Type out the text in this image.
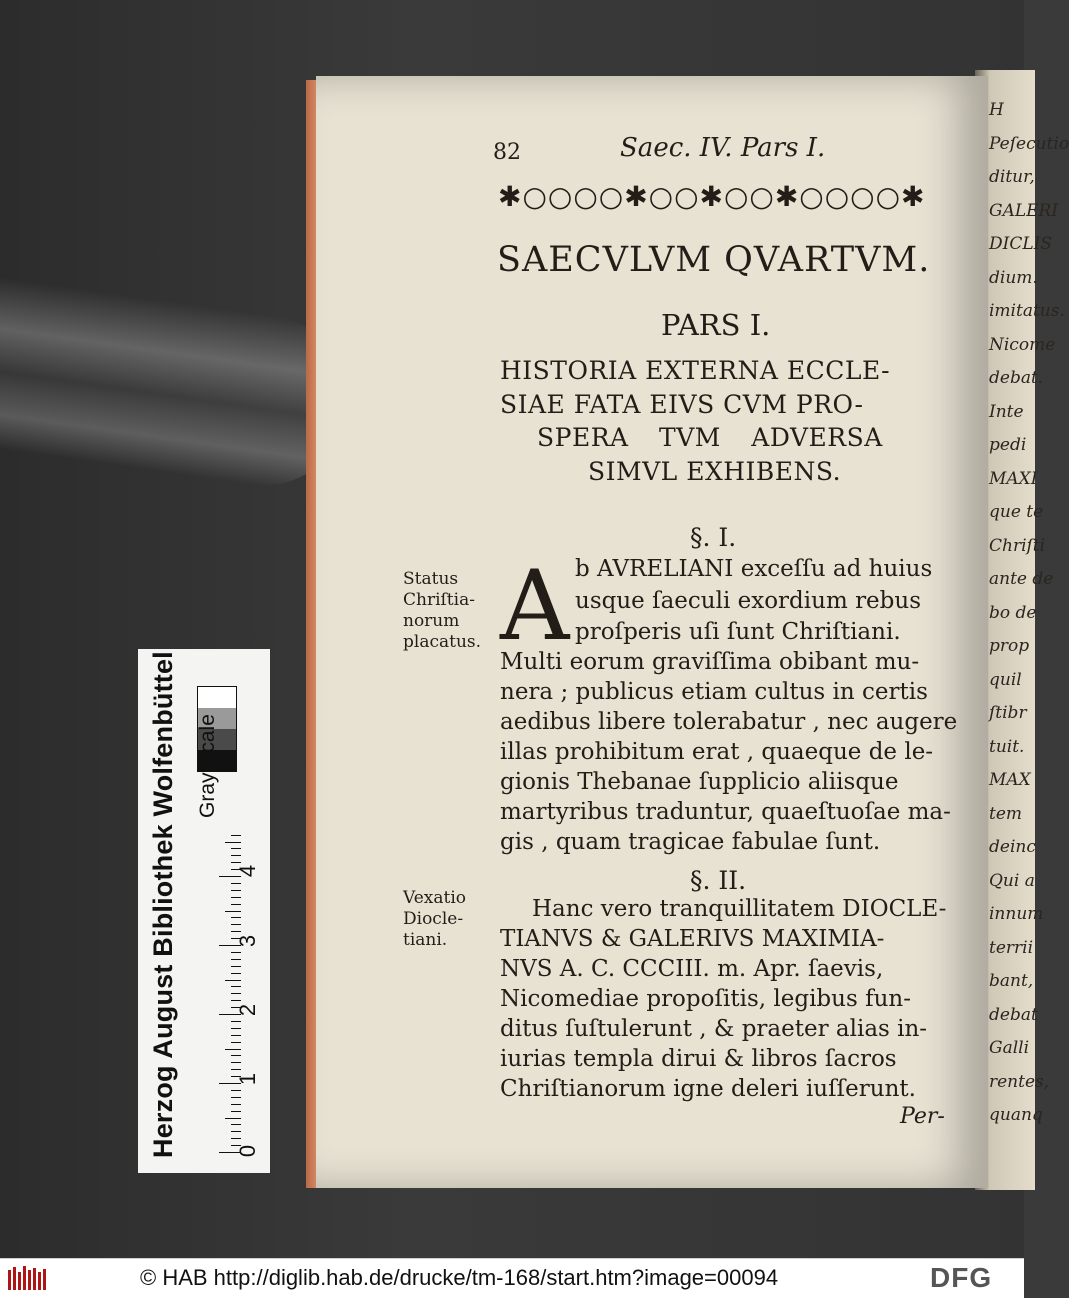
H
Peſecutio
ditur,
GALERI
DICLIS
dium.
imitatus.
Nicome
debat.
Inte
pedi
MAXI
que te
Chriſti
ante de
bo de
prop
quil
ſtibr
tuit.
MAX
tem
deinc
Qui a
innum
terrii
bant,
debat
Galli
rentes,
quanq
82	Saec. IV. Pars I.
✱○○○○✱○○✱○○✱○○○○✱
SAECVLVM QVARTVM.
PARS I.
HISTORIA EXTERNA ECCLE-
SIAE FATA EIVS CVM PRO-
SPERA TVM ADVERSA
SIMVL EXHIBENS.
§. I.
Status Chriſtia-norum placatus. A b AVRELIANI exceſſu ad huius
usque ſaeculi exordium rebus
proſperis uſi ſunt Chriſtiani.
Multi eorum graviſſima obibant mu-
nera ; publicus etiam cultus in certis
aedibus libere tolerabatur , nec augere
illas prohibitum erat , quaeque de le-
gionis Thebanae ſupplicio aliisque
martyribus traduntur, quaeſtuoſae ma-
gis , quam tragicae fabulae ſunt.
§. II.
Vexatio Diocle-tiani.
Hanc vero tranquillitatem DIOCLE-
TIANVS & GALERIVS MAXIMIA-
NVS A. C. CCCIII. m. Apr. ſaevis,
Nicomediae propoſitis, legibus fun-
ditus ſuſtulerunt , & praeter alias in-
iurias templa dirui & libros ſacros
Chriſtianorum igne deleri iuſſerunt.
Per-
Herzog August Bibliothek Wolfenbüttel Gray Scale
0
1
2
3
4
© HAB http://diglib.hab.de/drucke/tm-168/start.htm?image=00094	DFG
